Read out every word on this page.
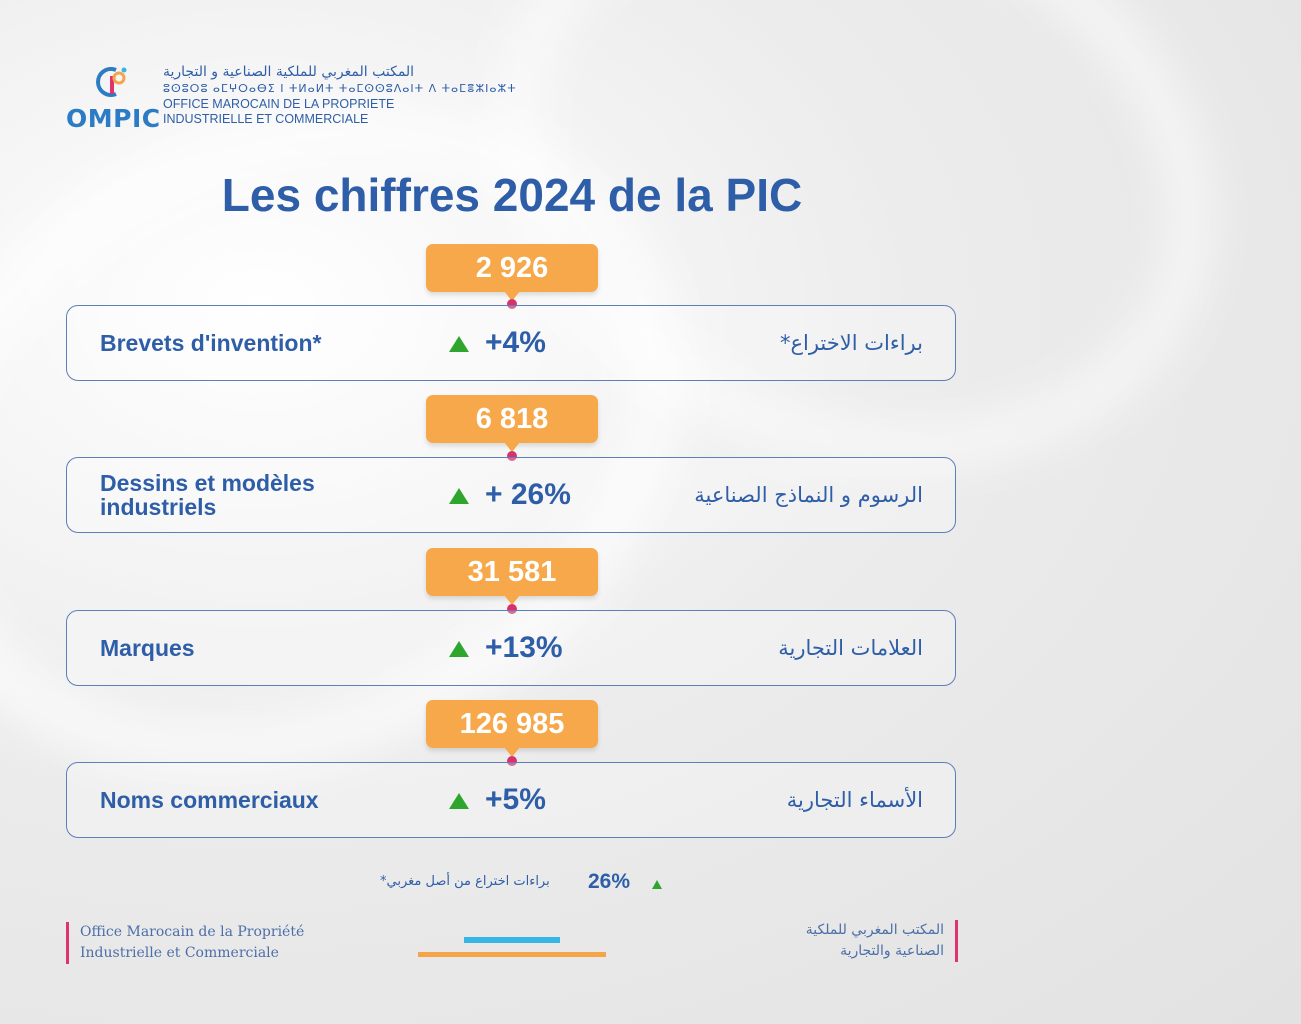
OMPIC
المكتب المغربي للملكية الصناعية و التجارية
ⵓⵙⵓⵔⵓ ⴰⵎⵖⵔⴰⴱⵉ ⵏ ⵜⵍⴰⵍⵜ ⵜⴰⵎⵙⵙⵓⴷⴰⵏⵜ ⴷ ⵜⴰⵎⴻⵣⵏⴰⵣⵜ
OFFICE MAROCAIN DE LA PROPRIETE
INDUSTRIELLE ET COMMERCIALE
Les chiffres 2024 de la PIC
2 926
Brevets d'invention*	+4%	براءات الاختراع*
6 818
Dessins et modèles industriels	+ 26%	الرسوم و النماذج الصناعية
31 581
Marques	+13%	العلامات التجارية
126 985
Noms commerciaux	+5%	الأسماء التجارية
براءات اختراع من أصل مغربي* 26%
Office Marocain de la Propriété
Industrielle et Commerciale
المكتب المغربي للملكية
الصناعية والتجارية
